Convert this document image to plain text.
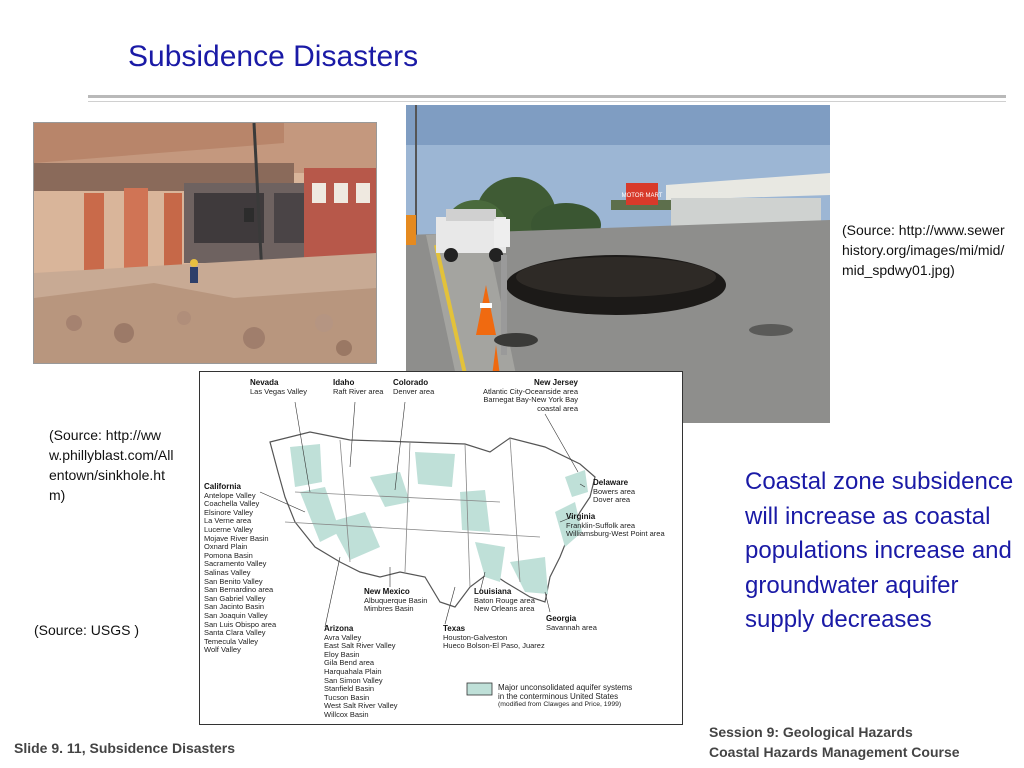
Subsidence Disasters
MOTOR MART
Nevada
Las Vegas Valley
Idaho
Raft River area
Colorado
Denver area
New Jersey
Atlantic City-Oceanside area
Barnegat Bay-New York Bay
coastal area
California
Antelope Valley
Coachella Valley
Elsinore Valley
La Verne area
Lucerne Valley
Mojave River Basin
Oxnard Plain
Pomona Basin
Sacramento Valley
Salinas Valley
San Benito Valley
San Bernardino area
San Gabriel Valley
San Jacinto Basin
San Joaquin Valley
San Luis Obispo area
Santa Clara Valley
Temecula Valley
Wolf Valley
Delaware
Bowers area
Dover area
Virginia
Franklin-Suffolk area
Williamsburg-West Point area
New Mexico
Albuquerque Basin
Mimbres Basin
Louisiana
Baton Rouge area
New Orleans area
Georgia
Savannah area
Arizona
Avra Valley
East Salt River Valley
Eloy Basin
Gila Bend area
Harquahala Plain
San Simon Valley
Stanfield Basin
Tucson Basin
West Salt River Valley
Willcox Basin
Texas
Houston-Galveston
Hueco Bolson-El Paso, Juarez
Major unconsolidated aquifer systems
in the conterminous United States
(modified from Clawges and Price, 1999)
(Source: http://www.phillyblast.com/Allentown/sinkhole.htm)
(Source: http://www.sewerhistory.org/images/mi/mid/mid_spdwy01.jpg)
(Source: USGS )
Coastal zone subsidence will increase as coastal populations increase and groundwater aquifer supply decreases
Slide 9. 11, Subsidence Disasters
Session 9: Geological Hazards
Coastal Hazards Management Course
